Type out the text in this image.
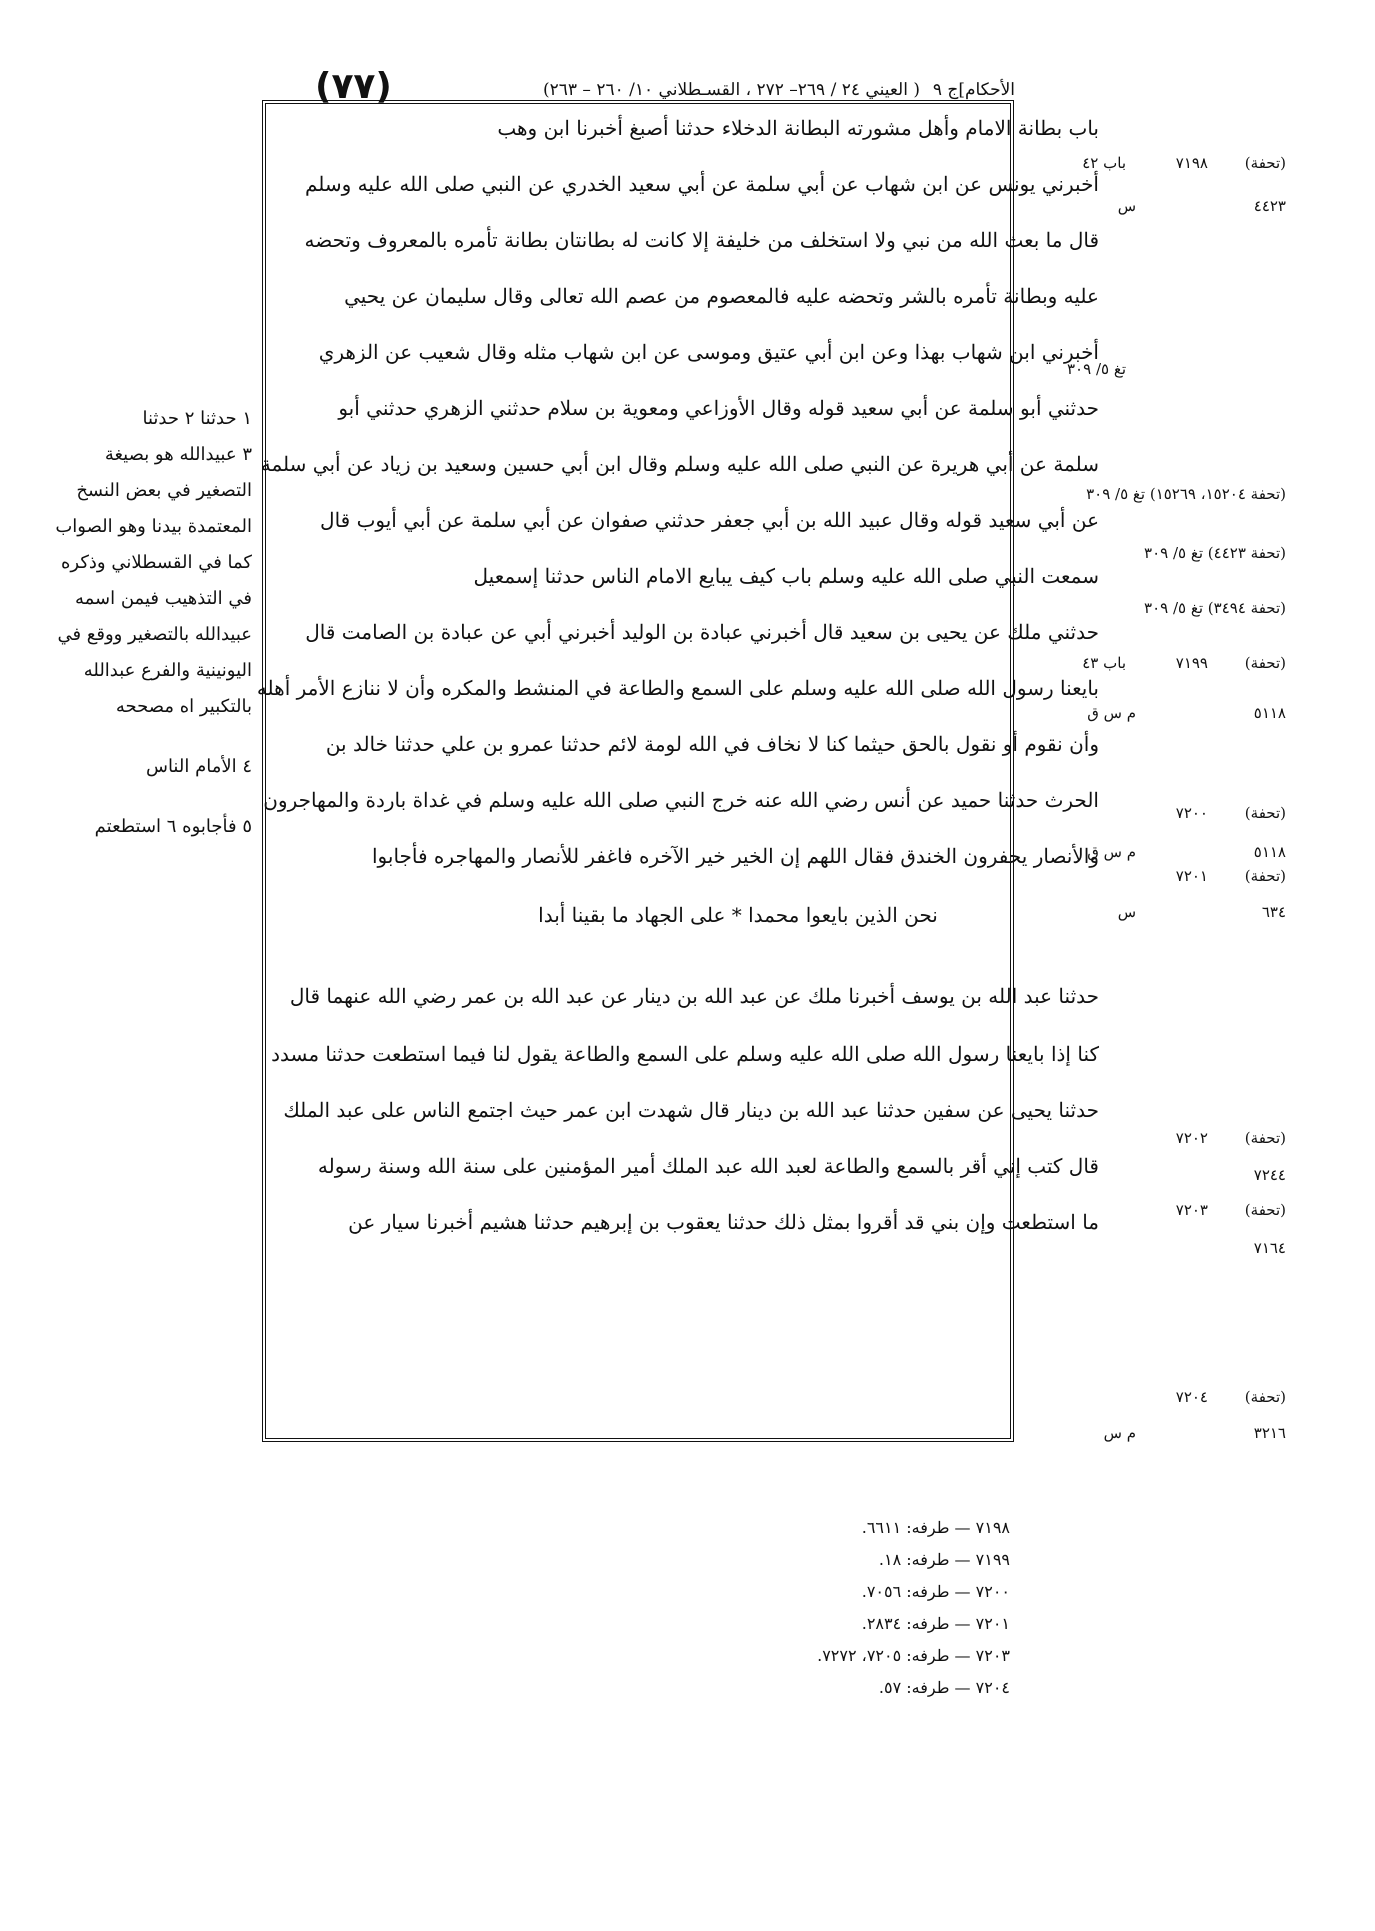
الأحكام]ج ٩
( العيني ٢٤ / ٢٦٩– ٢٧٢ ، القسـطلاني ١٠/ ٢٦٠ – ٢٦٣)
(٧٧)
باب بطانة الامام وأهل مشورته البطانة الدخلاء حدثنا أصبغ أخبرنا ابن وهب
أخبرني يونس عن ابن شهاب عن أبي سلمة عن أبي سعيد الخدري عن النبي صلى الله عليه وسلم
قال ما بعث الله من نبي ولا استخلف من خليفة إلا كانت له بطانتان بطانة تأمره بالمعروف وتحضه
عليه وبطانة تأمره بالشر وتحضه عليه فالمعصوم من عصم الله تعالى وقال سليمان عن يحيي
أخبرني ابن شهاب بهذا وعن ابن أبي عتيق وموسى عن ابن شهاب مثله وقال شعيب عن الزهري
حدثني أبو سلمة عن أبي سعيد قوله وقال الأوزاعي ومعوية بن سلام حدثني الزهري حدثني أبو
سلمة عن أبي هريرة عن النبي صلى الله عليه وسلم وقال ابن أبي حسين وسعيد بن زياد عن أبي سلمة
عن أبي سعيد قوله وقال عبيد الله بن أبي جعفر حدثني صفوان عن أبي سلمة عن أبي أيوب قال
سمعت النبي صلى الله عليه وسلم باب كيف يبايع الامام الناس حدثنا إسمعيل
حدثني ملك عن يحيى بن سعيد قال أخبرني عبادة بن الوليد أخبرني أبي عن عبادة بن الصامت قال
بايعنا رسول الله صلى الله عليه وسلم على السمع والطاعة في المنشط والمكره وأن لا ننازع الأمر أهله
وأن نقوم أو نقول بالحق حيثما كنا لا نخاف في الله لومة لائم حدثنا عمرو بن علي حدثنا خالد بن
الحرث حدثنا حميد عن أنس رضي الله عنه خرج النبي صلى الله عليه وسلم في غداة باردة والمهاجرون
والأنصار يحفرون الخندق فقال اللهم إن الخير خير الآخره فاغفر للأنصار والمهاجره فأجابوا
نحن الذين بايعوا محمدا * على الجهاد ما بقينا أبدا
حدثنا عبد الله بن يوسف أخبرنا ملك عن عبد الله بن دينار عن عبد الله بن عمر رضي الله عنهما قال
كنا إذا بايعنا رسول الله صلى الله عليه وسلم على السمع والطاعة يقول لنا فيما استطعت حدثنا مسدد
حدثنا يحيى عن سفين حدثنا عبد الله بن دينار قال شهدت ابن عمر حيث اجتمع الناس على عبد الملك
قال كتب إني أقر بالسمع والطاعة لعبد الله عبد الملك أمير المؤمنين على سنة الله وسنة رسوله
ما استطعت وإن بني قد أقروا بمثل ذلك حدثنا يعقوب بن إبرهيم حدثنا هشيم أخبرنا سيار عن
(تحفة)
٧١٩٨
باب ٤٢
٤٤٢٣
س
تغ ٥/ ٣٠٩
(تحفة ١٥٢٠٤، ١٥٢٦٩) تغ ٥/ ٣٠٩
(تحفة ٤٤٢٣) تغ ٥/ ٣٠٩
(تحفة ٣٤٩٤) تغ ٥/ ٣٠٩
(تحفة)
٧١٩٩
باب ٤٣
٥١١٨
م س ق
(تحفة)
٧٢٠٠
٥١١٨
م س ق
(تحفة)
٧٢٠١
٦٣٤
س
(تحفة)
٧٢٠٢
٧٢٤٤
(تحفة)
٧٢٠٣
٧١٦٤
(تحفة)
٧٢٠٤
٣٢١٦
م س
١ حدثنا ٢ حدثنا
٣ عبيدالله هو بصيغة
التصغير في بعض النسخ
المعتمدة بيدنا وهو الصواب
كما في القسطلاني وذكره
في التذهيب فيمن اسمه
عبيدالله بالتصغير ووقع في
اليونينية والفرع عبدالله
بالتكبير اه مصححه
٤ الأمام الناس
٥ فأجابوه ٦ استطعتم
٧١٩٨ — طرفه: ٦٦١١.
٧١٩٩ — طرفه: ١٨.
٧٢٠٠ — طرفه: ٧٠٥٦.
٧٢٠١ — طرفه: ٢٨٣٤.
٧٢٠٣ — طرفه: ٧٢٠٥، ٧٢٧٢.
٧٢٠٤ — طرفه: ٥٧.
